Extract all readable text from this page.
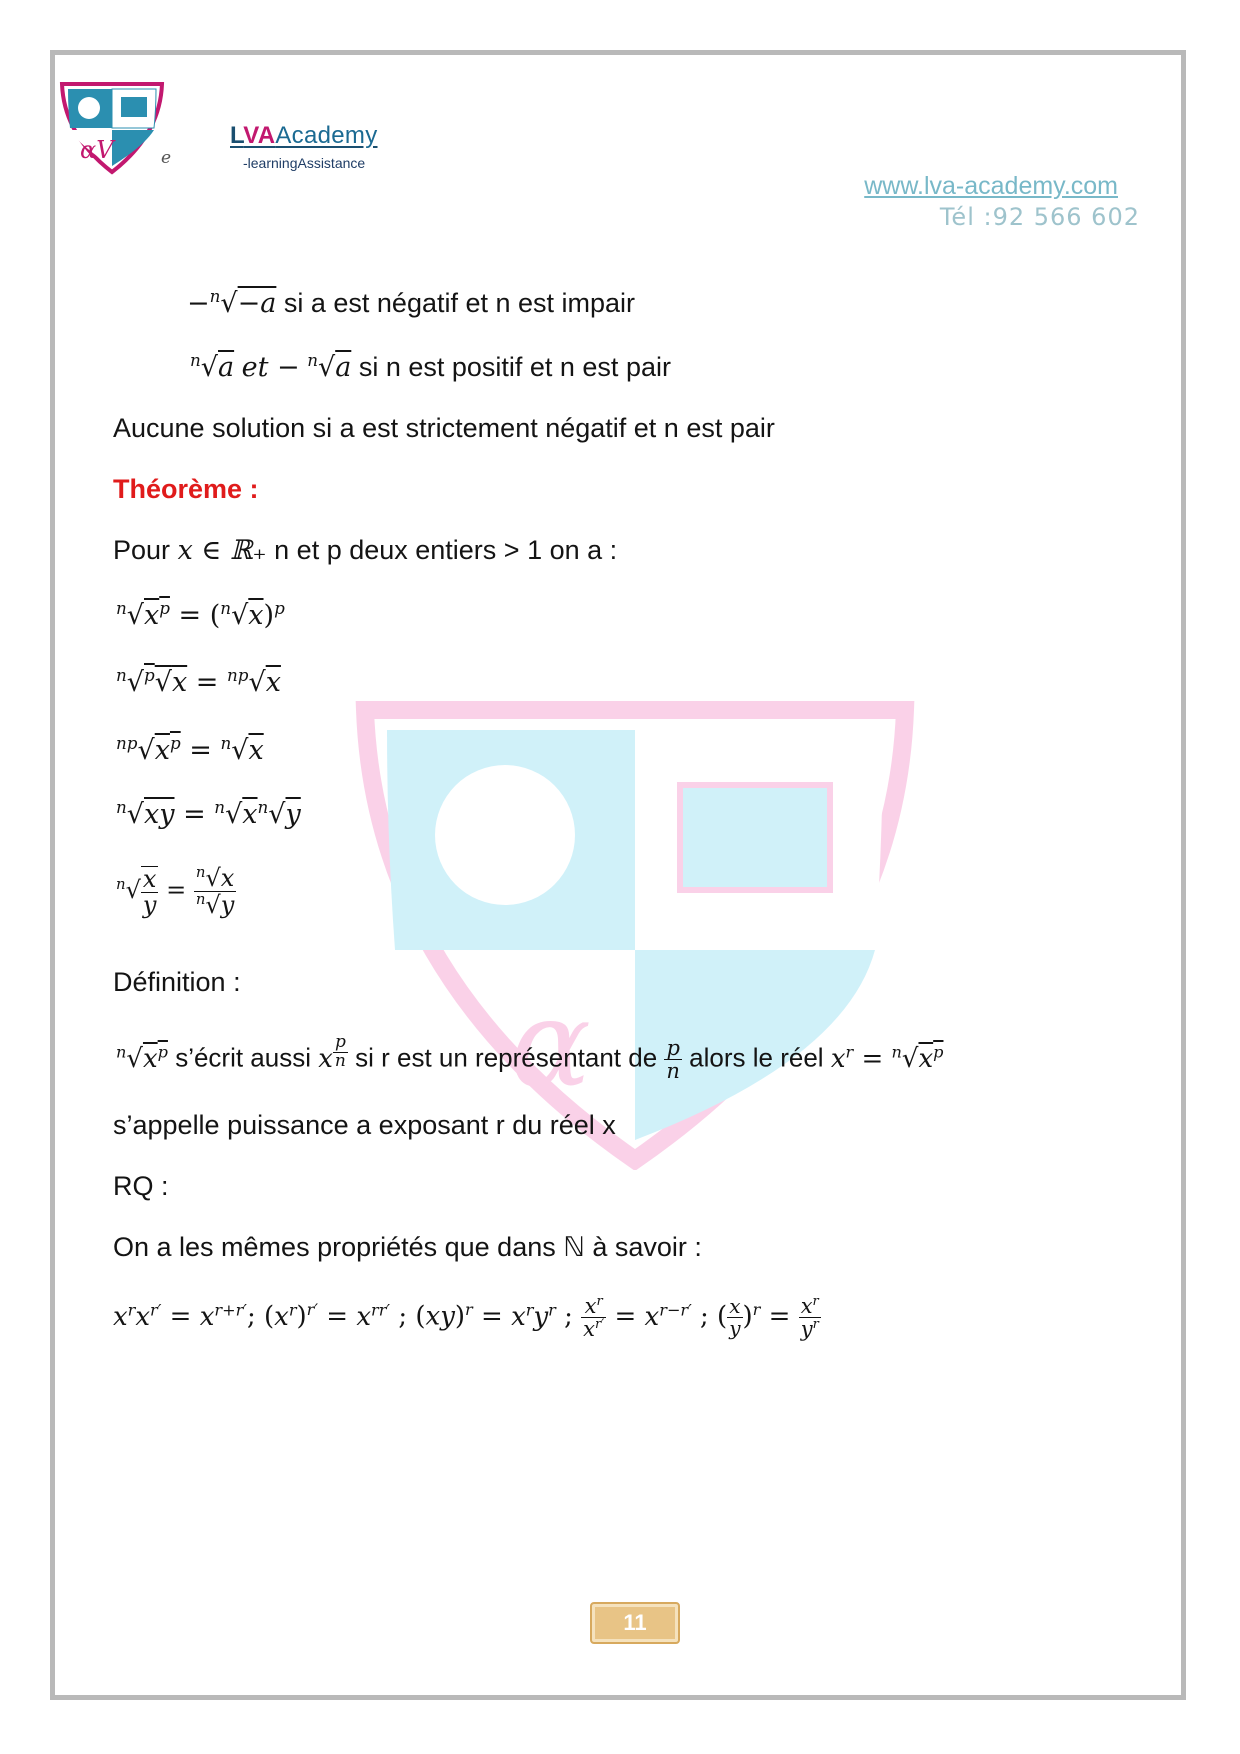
αV	e
LVAAcademy
-learningAssistance
www.lva-academy.com
Tél :92 566 602
α
−$^n$√−a si a est négatif et n est impair
$^n$√a et − $^n$√a si n est positif et n est pair
Aucune solution si a est strictement négatif et n est pair
Théorème :
Pour x ∈ ℝ₊ n et p deux entiers > 1 on a :
$^n√x^p = (^n√x)^p$
$^n$√$^p$√x = $^{np}$√x
$^{np}√x^p = ^n√x$
$^n√xy = ^n√x^n√y$
$^n√ \frac{x}{y} = \frac{^n√x}{^n√y}$
Définition :
$^n√x^p$ s’écrit aussi x $^{\frac{p}{n}}$ si r est un représentant de $\frac{p}{n}$ alors le réel $x^r = ^n√x^p$
s’appelle puissance a exposant r du réel x
RQ :
On a les mêmes propriétés que dans ℕ à savoir :
$x^rx^{r'} = x^{r+r'}$; $(x^r)^{r'} = x^{rr'}$ ; $(xy)^r = x^ry^r$ ; $\frac{x^r}{x^{r'}} = x^{r-r'}$ ; ( $\frac{x}{y} )^r = \frac{x^r}{y^r}$
11
